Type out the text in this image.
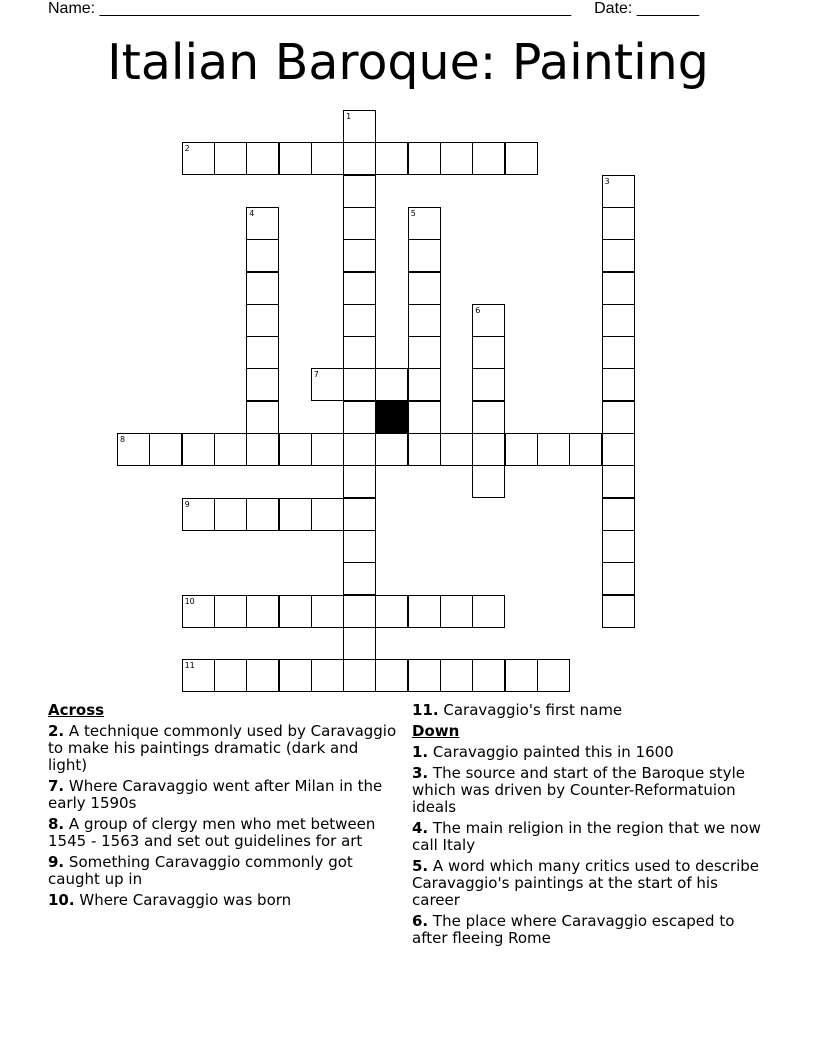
Name: _____________________________________________________ Date: _______
Italian Baroque: Painting
1
2
3
4	5
6
7
8
9
10
11
Across
2. A technique commonly used by Caravaggio to make his paintings dramatic (dark and light)
7. Where Caravaggio went after Milan in the early 1590s
8. A group of clergy men who met between 1545 - 1563 and set out guidelines for art
9. Something Caravaggio commonly got caught up in
10. Where Caravaggio was born
11. Caravaggio's first name
Down
1. Caravaggio painted this in 1600
3. The source and start of the Baroque style which was driven by Counter-Reformatuion ideals
4. The main religion in the region that we now call Italy
5. A word which many critics used to describe Caravaggio's paintings at the start of his career
6. The place where Caravaggio escaped to after fleeing Rome
